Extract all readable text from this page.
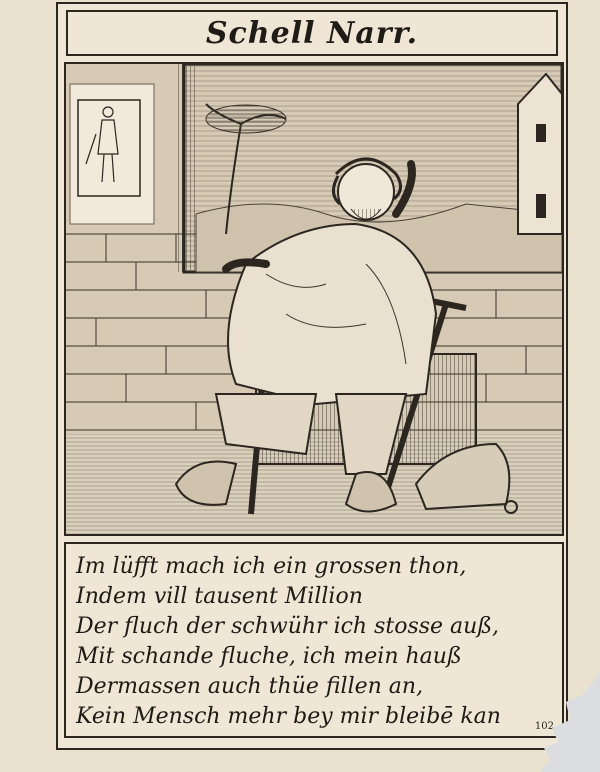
Schell Narr.
Im lüfft mach ich ein grossen thon,
Indem vill tausent Million
Der fluch der schwühr ich stosse auß,
Mit schande fluche, ich mein hauß
Dermassen auch thüe fillen an,
Kein Mensch mehr bey mir bleibē kan	102
